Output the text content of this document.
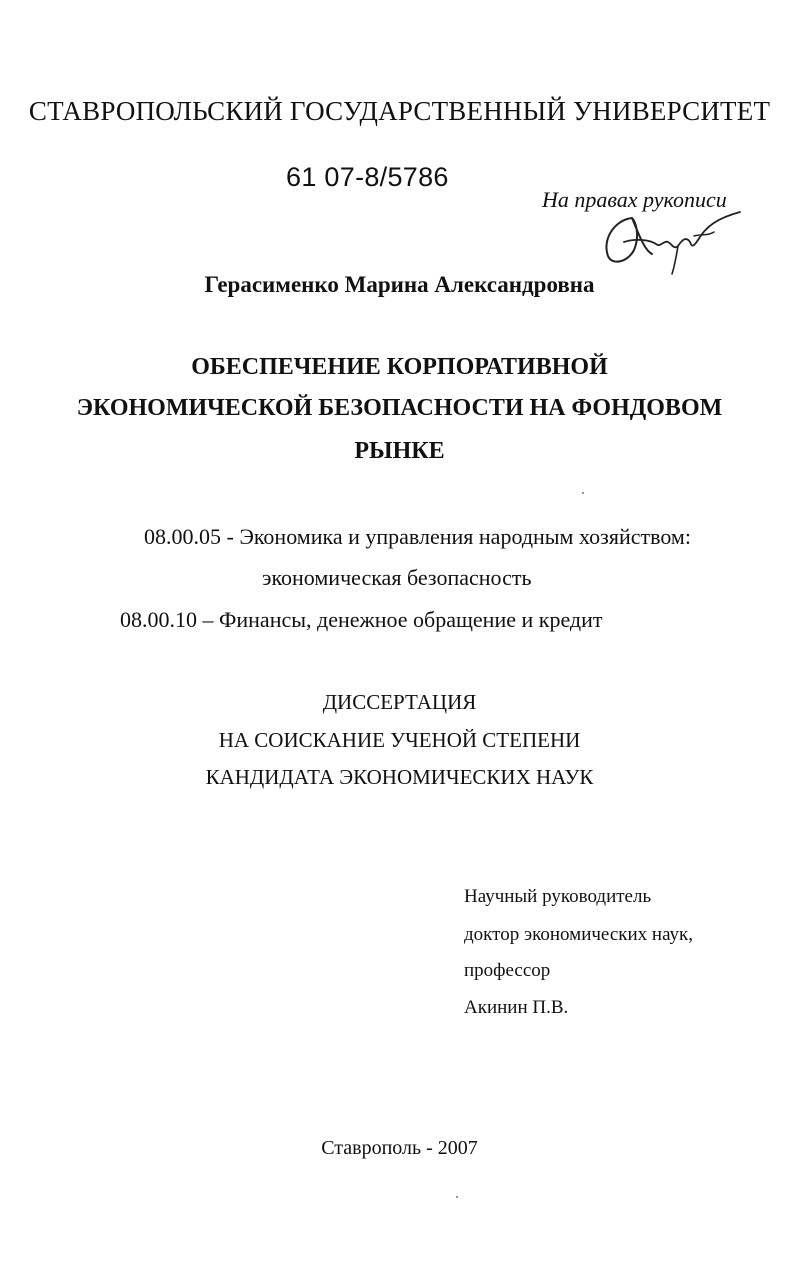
СТАВРОПОЛЬСКИЙ ГОСУДАРСТВЕННЫЙ УНИВЕРСИТЕТ
61 07-8/5786
На правах рукописи
Герасименко Марина Александровна
ОБЕСПЕЧЕНИЕ КОРПОРАТИВНОЙ
ЭКОНОМИЧЕСКОЙ БЕЗОПАСНОСТИ НА ФОНДОВОМ
РЫНКЕ
08.00.05 - Экономика и управления народным хозяйством:
экономическая безопасность
08.00.10 – Финансы, денежное обращение и кредит
ДИССЕРТАЦИЯ
НА СОИСКАНИЕ УЧЕНОЙ СТЕПЕНИ
КАНДИДАТА ЭКОНОМИЧЕСКИХ НАУК
Научный руководитель
доктор экономических наук,
профессор
Акинин П.В.
Ставрополь - 2007
